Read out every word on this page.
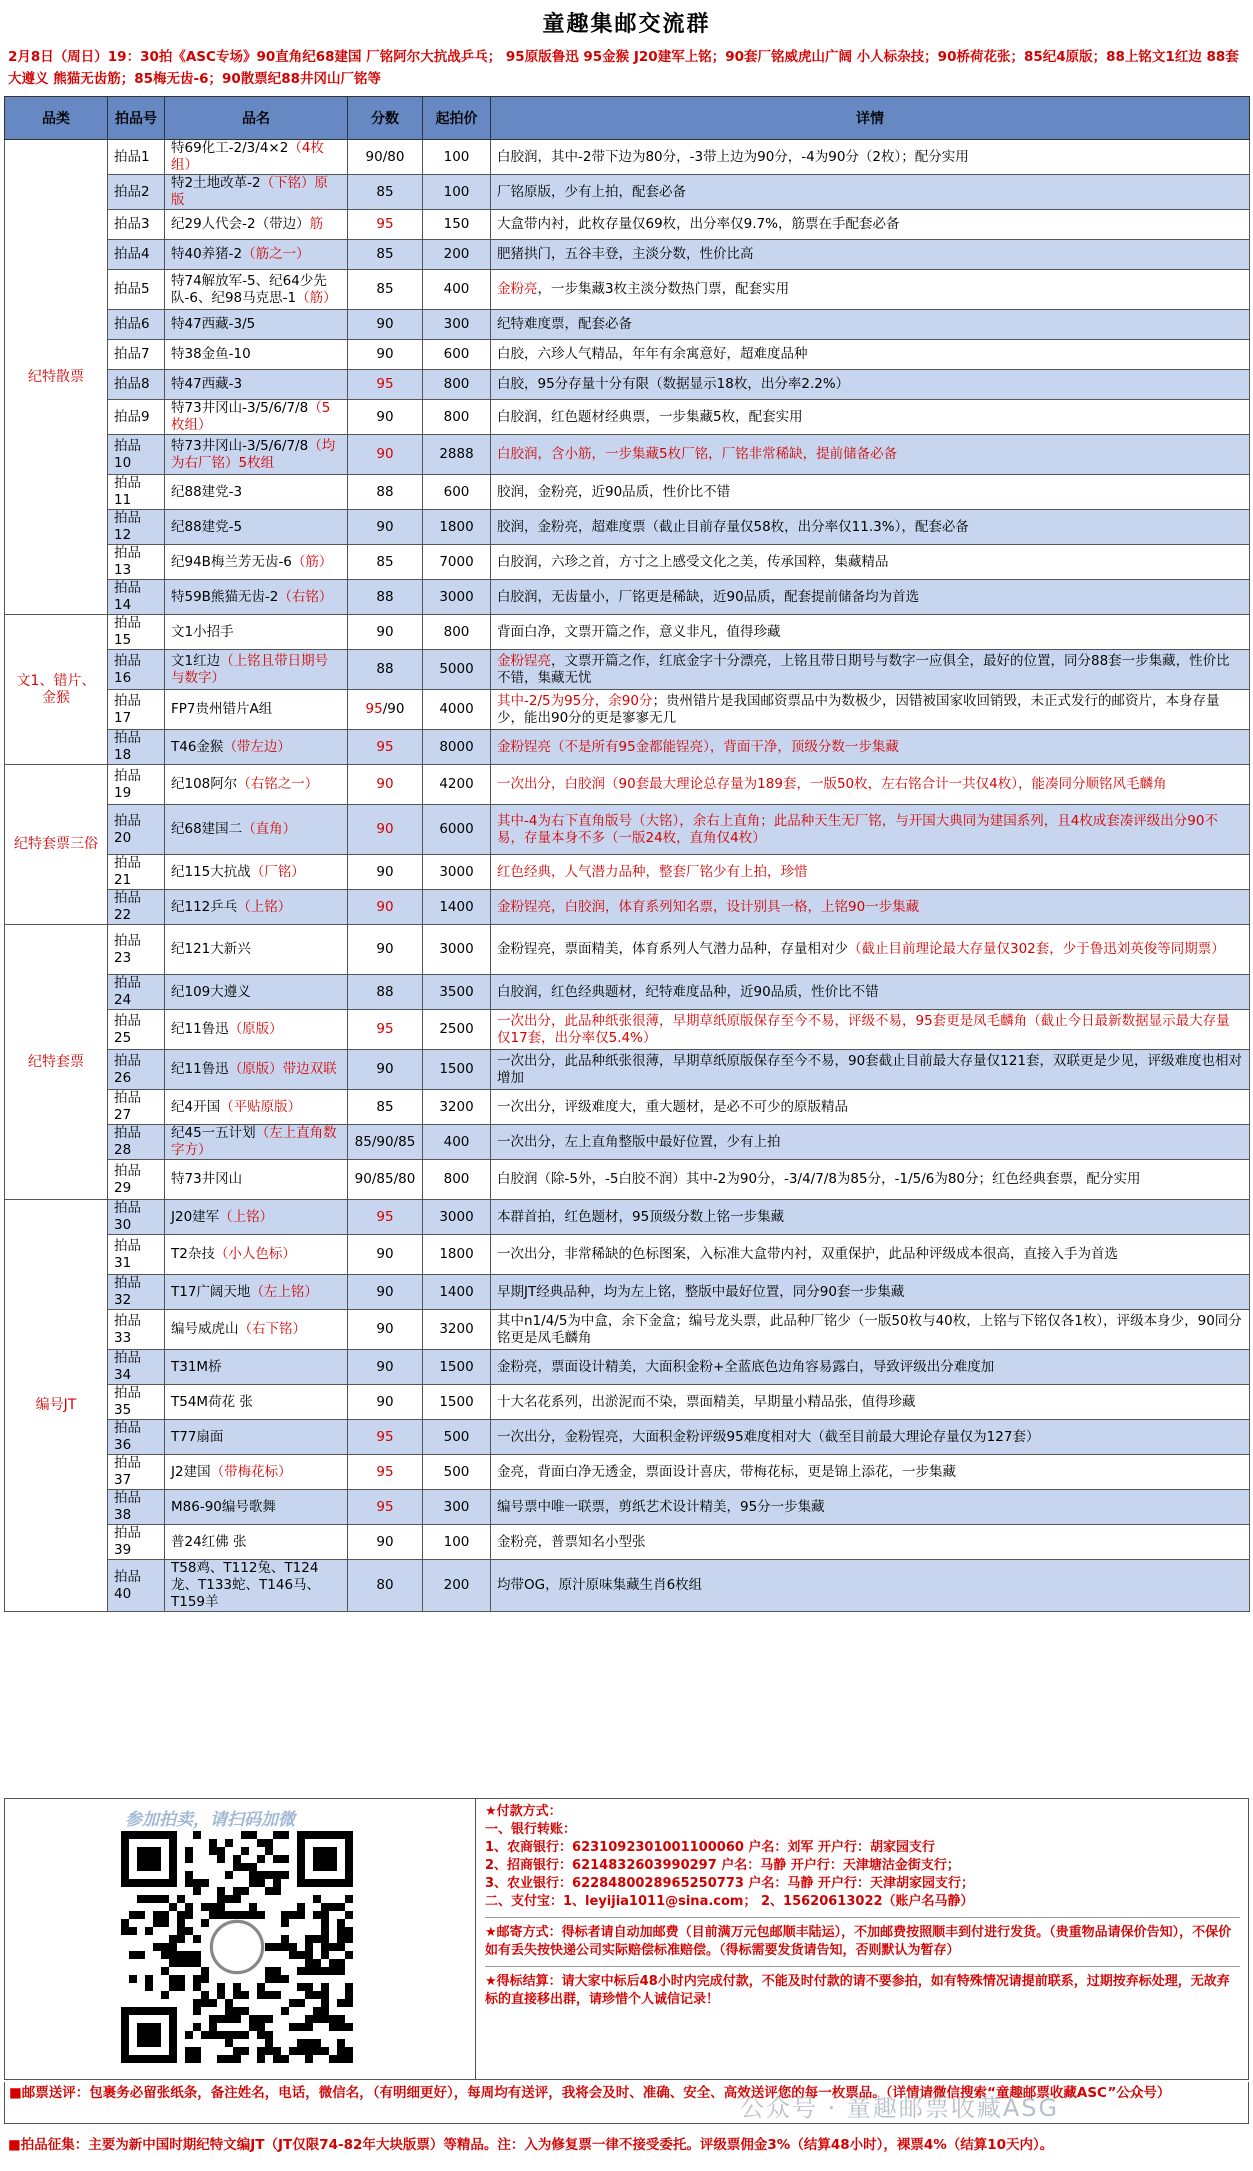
童趣集邮交流群
2月8日（周日）19：30拍《ASC专场》90直角纪68建国 厂铭阿尔大抗战乒乓； 95原版鲁迅 95金猴 J20建军上铭；90套厂铭威虎山广阔 小人标杂技；90桥荷花张；85纪4原版；88上铭文1红边 88套大遵义 熊猫无齿筋；85梅无齿-6；90散票纪88井冈山厂铭等
品类	拍品号	品名	分数	起拍价	详情
纪特散票	拍品1	特69化工-2/3/4×2（4枚组）	90/80	100	白胶润，其中-2带下边为80分，-3带上边为90分，-4为90分（2枚）；配分实用
	拍品2	特2土地改革-2（下铭）原版	85	100	厂铭原版，少有上拍，配套必备
	拍品3	纪29人代会-2（带边）筋	95	150	大盒带内衬，此枚存量仅69枚，出分率仅9.7%，筋票在手配套必备
	拍品4	特40养猪-2（筋之一）	85	200	肥猪拱门，五谷丰登，主淡分数，性价比高
	拍品5	特74解放军-5、纪64少先队-6、纪98马克思-1（筋）	85	400	金粉亮，一步集藏3枚主淡分数热门票，配套实用
	拍品6	特47西藏-3/5	90	300	纪特难度票，配套必备
	拍品7	特38金鱼-10	90	600	白胶，六珍人气精品，年年有余寓意好，超难度品种
	拍品8	特47西藏-3	95	800	白胶，95分存量十分有限（数据显示18枚，出分率2.2%）
	拍品9	特73井冈山-3/5/6/7/8（5枚组）	90	800	白胶润，红色题材经典票，一步集藏5枚，配套实用
	拍品10	特73井冈山-3/5/6/7/8（均为右厂铭）5枚组	90	2888	白胶润，含小筋，一步集藏5枚厂铭，厂铭非常稀缺，提前储备必备
	拍品11	纪88建党-3	88	600	胶润，金粉亮，近90品质，性价比不错
	拍品12	纪88建党-5	90	1800	胶润，金粉亮，超难度票（截止目前存量仅58枚，出分率仅11.3%），配套必备
	拍品13	纪94B梅兰芳无齿-6（筋）	85	7000	白胶润，六珍之首，方寸之上感受文化之美，传承国粹，集藏精品
	拍品14	特59B熊猫无齿-2（右铭）	88	3000	白胶润，无齿量小，厂铭更是稀缺，近90品质，配套提前储备均为首选
文1、错片、金猴	拍品15	文1小招手	90	800	背面白净，文票开篇之作，意义非凡，值得珍藏
	拍品16	文1红边（上铭且带日期号与数字）	88	5000	金粉锃亮，文票开篇之作，红底金字十分漂亮，上铭且带日期号与数字一应俱全，最好的位置，同分88套一步集藏，性价比不错，集藏无忧
	拍品17	FP7贵州错片A组	95/90	4000	其中-2/5为95分，余90分；贵州错片是我国邮资票品中为数极少，因错被国家收回销毁，未正式发行的邮资片，本身存量少，能出90分的更是寥寥无几
	拍品18	T46金猴（带左边）	95	8000	金粉锃亮（不是所有95金都能锃亮），背面干净，顶级分数一步集藏
纪特套票三俗	拍品19	纪108阿尔（右铭之一）	90	4200	一次出分，白胶润（90套最大理论总存量为189套，一版50枚，左右铭合计一共仅4枚），能凑同分顺铭风毛麟角
	拍品20	纪68建国二（直角）	90	6000	其中-4为右下直角版号（大铭），余右上直角；此品种天生无厂铭，与开国大典同为建国系列，且4枚成套凑评级出分90不易，存量本身不多（一版24枚，直角仅4枚）
	拍品21	纪115大抗战（厂铭）	90	3000	红色经典，人气潜力品种，整套厂铭少有上拍，珍惜
	拍品22	纪112乒乓（上铭）	90	1400	金粉锃亮，白胶润，体育系列知名票，设计别具一格，上铭90一步集藏
纪特套票	拍品23	纪121大新兴	90	3000	金粉锃亮，票面精美，体育系列人气潜力品种，存量相对少（截止目前理论最大存量仅302套，少于鲁迅刘英俊等同期票）
	拍品24	纪109大遵义	88	3500	白胶润，红色经典题材，纪特难度品种，近90品质，性价比不错
	拍品25	纪11鲁迅（原版）	95	2500	一次出分，此品种纸张很薄，早期草纸原版保存至今不易，评级不易，95套更是凤毛麟角（截止今日最新数据显示最大存量仅17套，出分率仅5.4%）
	拍品26	纪11鲁迅（原版）带边双联	90	1500	一次出分，此品种纸张很薄，早期草纸原版保存至今不易，90套截止目前最大存量仅121套，双联更是少见，评级难度也相对增加
	拍品27	纪4开国（平贴原版）	85	3200	一次出分，评级难度大，重大题材，是必不可少的原版精品
	拍品28	纪45一五计划（左上直角数字方）	85/90/85	400	一次出分，左上直角整版中最好位置，少有上拍
	拍品29	特73井冈山	90/85/80	800	白胶润（除-5外，-5白胶不润）其中-2为90分，-3/4/7/8为85分，-1/5/6为80分；红色经典套票，配分实用
编号JT	拍品30	J20建军（上铭）	95	3000	本群首拍，红色题材，95顶级分数上铭一步集藏
	拍品31	T2杂技（小人色标）	90	1800	一次出分，非常稀缺的色标图案，入标准大盒带内衬，双重保护，此品种评级成本很高，直接入手为首选
	拍品32	T17广阔天地（左上铭）	90	1400	早期JT经典品种，均为左上铭，整版中最好位置，同分90套一步集藏
	拍品33	编号威虎山（右下铭）	90	3200	其中n1/4/5为中盒，余下金盒；编号龙头票，此品种厂铭少（一版50枚与40枚，上铭与下铭仅各1枚），评级本身少，90同分铭更是凤毛麟角
	拍品34	T31M桥	90	1500	金粉亮，票面设计精美，大面积金粉+全蓝底色边角容易露白，导致评级出分难度加
	拍品35	T54M荷花 张	90	1500	十大名花系列，出淤泥而不染，票面精美，早期量小精品张，值得珍藏
	拍品36	T77扇面	95	500	一次出分，金粉锃亮，大面积金粉评级95难度相对大（截至目前最大理论存量仅为127套）
	拍品37	J2建国（带梅花标）	95	500	金亮，背面白净无透金，票面设计喜庆，带梅花标，更是锦上添花，一步集藏
	拍品38	M86-90编号歌舞	95	300	编号票中唯一联票，剪纸艺术设计精美，95分一步集藏
	拍品39	普24红佛 张	90	100	金粉亮，普票知名小型张
	拍品40	T58鸡、T112兔、T124龙、T133蛇、T146马、T159羊	80	200	均带OG，原汁原味集藏生肖6枚组
参加拍卖，请扫码加微	★付款方式：
一、银行转账：
1、农商银行：6231092301001100060 户名：刘军 开户行：胡家园支行
2、招商银行：6214832603990297 户名：马静 开户行：天津塘沽金街支行；
3、农业银行：6228480028965250773 户名：马静 开户行：天津胡家园支行；
二、支付宝：1、leyijia1011@sina.com； 2、15620613022（账户名马静）
★邮寄方式：得标者请自动加邮费（目前满万元包邮顺丰陆运），不加邮费按照顺丰到付进行发货。（贵重物品请保价告知），不保价如有丢失按快递公司实际赔偿标准赔偿。（得标需要发货请告知，否则默认为暂存）
★得标结算：请大家中标后48小时内完成付款，不能及时付款的请不要参拍，如有特殊情况请提前联系，过期按弃标处理，无故弃标的直接移出群，请珍惜个人诚信记录！
■邮票送评：包裹务必留张纸条，备注姓名，电话，微信名，（有明细更好），每周均有送评，我将会及时、准确、安全、高效送评您的每一枚票品。（详情请微信搜索“童趣邮票收藏ASC”公众号）
公众号 · 童趣邮票收藏ASG
■拍品征集：主要为新中国时期纪特文编JT（JT仅限74-82年大块版票）等精品。注：入为修复票一律不接受委托。评级票佣金3%（结算48小时），裸票4%（结算10天内）。
